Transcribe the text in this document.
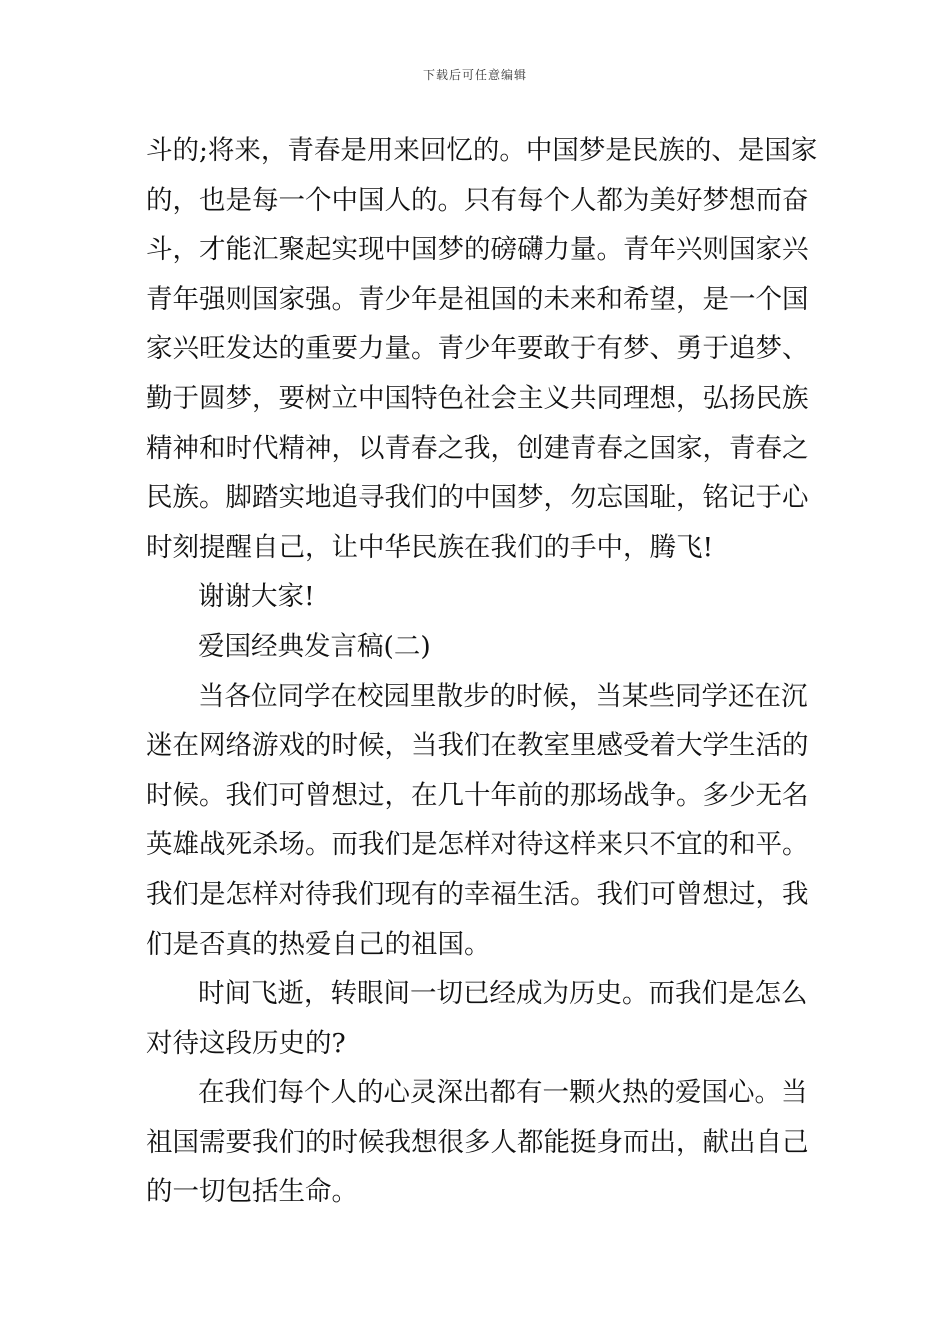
下载后可任意编辑
斗的;将来，青春是用来回忆的。中国梦是民族的、是国家
的，也是每一个中国人的。只有每个人都为美好梦想而奋
斗，才能汇聚起实现中国梦的磅礴力量。青年兴则国家兴
青年强则国家强。青少年是祖国的未来和希望，是一个国
家兴旺发达的重要力量。青少年要敢于有梦、勇于追梦、
勤于圆梦，要树立中国特色社会主义共同理想，弘扬民族
精神和时代精神，以青春之我，创建青春之国家，青春之
民族。脚踏实地追寻我们的中国梦，勿忘国耻，铭记于心
时刻提醒自己，让中华民族在我们的手中，腾飞!
谢谢大家!
爱国经典发言稿(二)
当各位同学在校园里散步的时候，当某些同学还在沉
迷在网络游戏的时候，当我们在教室里感受着大学生活的
时候。我们可曾想过，在几十年前的那场战争。多少无名
英雄战死杀场。而我们是怎样对待这样来只不宜的和平。
我们是怎样对待我们现有的幸福生活。我们可曾想过，我
们是否真的热爱自己的祖国。
时间飞逝，转眼间一切已经成为历史。而我们是怎么
对待这段历史的?
在我们每个人的心灵深出都有一颗火热的爱国心。当
祖国需要我们的时候我想很多人都能挺身而出，献出自己
的一切包括生命。
